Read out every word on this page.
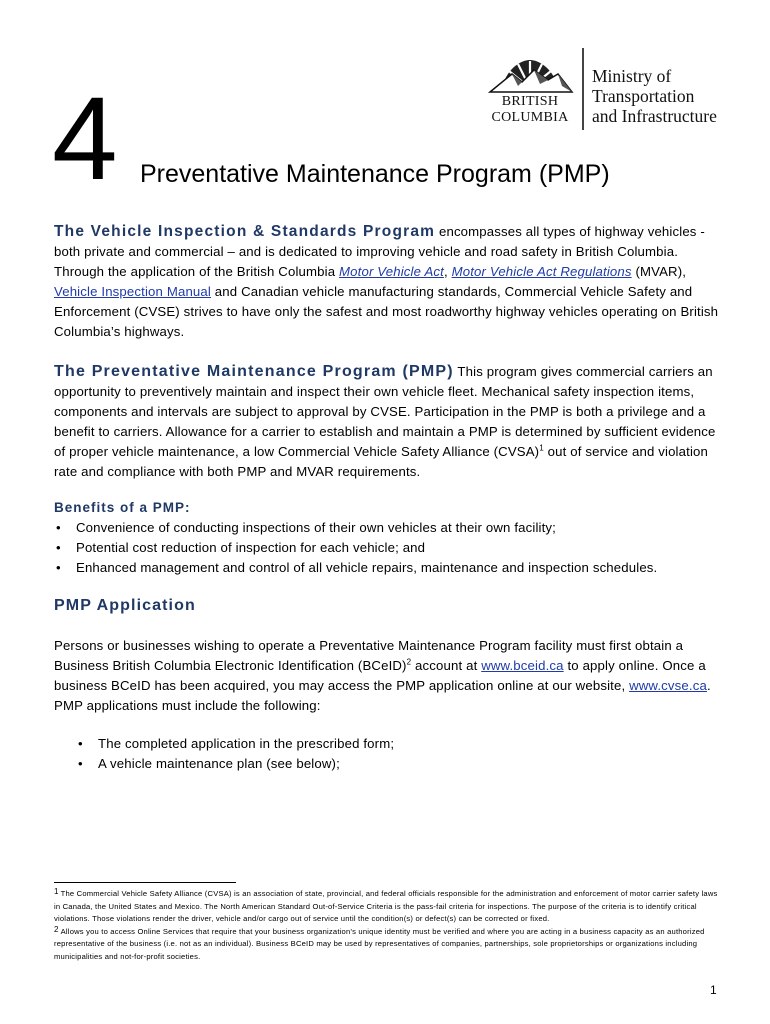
BRITISH
COLUMBIA
Ministry of
Transportation
and Infrastructure
4 Preventative Maintenance Program (PMP)

The Vehicle Inspection & Standards Program encompasses all types of highway vehicles - both private and commercial – and is dedicated to improving vehicle and road safety in British Columbia. Through the application of the British Columbia Motor Vehicle Act, Motor Vehicle Act Regulations (MVAR), Vehicle Inspection Manual and Canadian vehicle manufacturing standards, Commercial Vehicle Safety and Enforcement (CVSE) strives to have only the safest and most roadworthy highway vehicles operating on British Columbia’s highways.

The Preventative Maintenance Program (PMP) This program gives commercial carriers an opportunity to preventively maintain and inspect their own vehicle fleet. Mechanical safety inspection items, components and intervals are subject to approval by CVSE. Participation in the PMP is both a privilege and a benefit to carriers. Allowance for a carrier to establish and maintain a PMP is determined by sufficient evidence of proper vehicle maintenance, a low Commercial Vehicle Safety Alliance (CVSA)$^1$ out of service and violation rate and compliance with both PMP and MVAR requirements.

Benefits of a PMP:

• Convenience of conducting inspections of their own vehicles at their own facility;
• Potential cost reduction of inspection for each vehicle; and
• Enhanced management and control of all vehicle repairs, maintenance and inspection schedules.

PMP Application

Persons or businesses wishing to operate a Preventative Maintenance Program facility must first obtain a Business British Columbia Electronic Identification (BCeID)$^2$ account at www.bceid.ca to apply online. Once a business BCeID has been acquired, you may access the PMP application online at our website, www.cvse.ca. PMP applications must include the following:

• The completed application in the prescribed form;
• A vehicle maintenance plan (see below);

1 The Commercial Vehicle Safety Alliance (CVSA) is an association of state, provincial, and federal officials responsible for the administration and enforcement of motor carrier safety laws in Canada, the United States and Mexico. The North American Standard Out-of-Service Criteria is the pass-fail criteria for inspections. The purpose of the criteria is to identify critical violations. Those violations render the driver, vehicle and/or cargo out of service until the condition(s) or defect(s) can be corrected or fixed.

2 Allows you to access Online Services that require that your business organization’s unique identity must be verified and where you are acting in a business capacity as an authorized representative of the business (i.e. not as an individual). Business BCeID may be used by representatives of companies, partnerships, sole proprietorships or organizations including municipalities and not-for-profit societies.

1
